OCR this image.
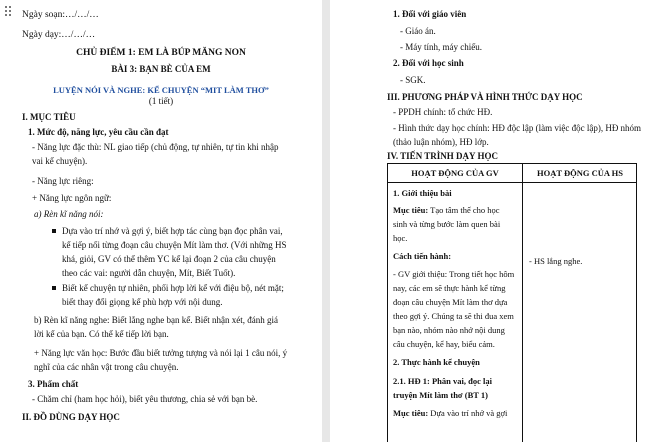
Ngày soạn:…/…/…
Ngày dạy:…/…/…
CHỦ ĐIỂM 1: EM LÀ BÚP MĂNG NON
BÀI 3: BẠN BÈ CỦA EM
LUYỆN NÓI VÀ NGHE: KỂ CHUYỆN “MIT LÀM THƠ”
(1 tiết)
I. MỤC TIÊU
1. Mức độ, năng lực, yêu cầu cần đạt
- Năng lực đặc thù: NL giao tiếp (chủ động, tự nhiên, tự tin khi nhập
vai kể chuyện).
- Năng lực riêng:
+ Năng lực ngôn ngữ:
a) Rèn kĩ năng nói:
Dựa vào trí nhớ và gợi ý, biết hợp tác cùng bạn đọc phân vai,
kể tiếp nối từng đoạn câu chuyện Mít làm thơ. (Với những HS
khá, giỏi, GV có thể thêm YC kể lại đoạn 2 của câu chuyện
theo các vai: người dẫn chuyện, Mít, Biết Tuốt).
Biết kể chuyện tự nhiên, phối hợp lời kể với điệu bộ, nét mặt;
biết thay đổi giọng kể phù hợp với nội dung.
b) Rèn kĩ năng nghe: Biết lắng nghe bạn kể. Biết nhận xét, đánh giá
lời kể của bạn. Có thể kể tiếp lời bạn.
+ Năng lực văn học: Bước đầu biết tưởng tượng và nói lại 1 câu nói, ý
nghĩ của các nhân vật trong câu chuyện.
3. Phẩm chất
- Chăm chỉ (ham học hỏi), biết yêu thương, chia sẻ với bạn bè.
II. ĐỒ DÙNG DẠY HỌC
1. Đối với giáo viên
- Giáo án.
- Máy tính, máy chiếu.
2. Đối với học sinh
- SGK.
III. PHƯƠNG PHÁP VÀ HÌNH THỨC DẠY HỌC
- PPDH chính: tổ chức HĐ.
- Hình thức dạy học chính: HĐ độc lập (làm việc độc lập), HĐ nhóm
(thảo luận nhóm), HĐ lớp.
IV. TIẾN TRÌNH DẠY HỌC
HOẠT ĐỘNG CỦA GV	HOẠT ĐỘNG CỦA HS
1. Giới thiệu bài
Mục tiêu: Tạo tâm thế cho học
sinh và từng bước làm quen bài
học.
Cách tiến hành:
- GV giới thiệu: Trong tiết học hôm
nay, các em sẽ thực hành kể từng
đoạn câu chuyện Mít làm thơ dựa
theo gợi ý. Chúng ta sẽ thi đua xem
bạn nào, nhóm nào nhớ nội dung
câu chuyện, kể hay, biểu cảm.
2. Thực hành kể chuyện
2.1. HĐ 1: Phân vai, đọc lại
truyện Mít làm thơ (BT 1)
Mục tiêu: Dựa vào trí nhớ và gợi
- HS lắng nghe.
